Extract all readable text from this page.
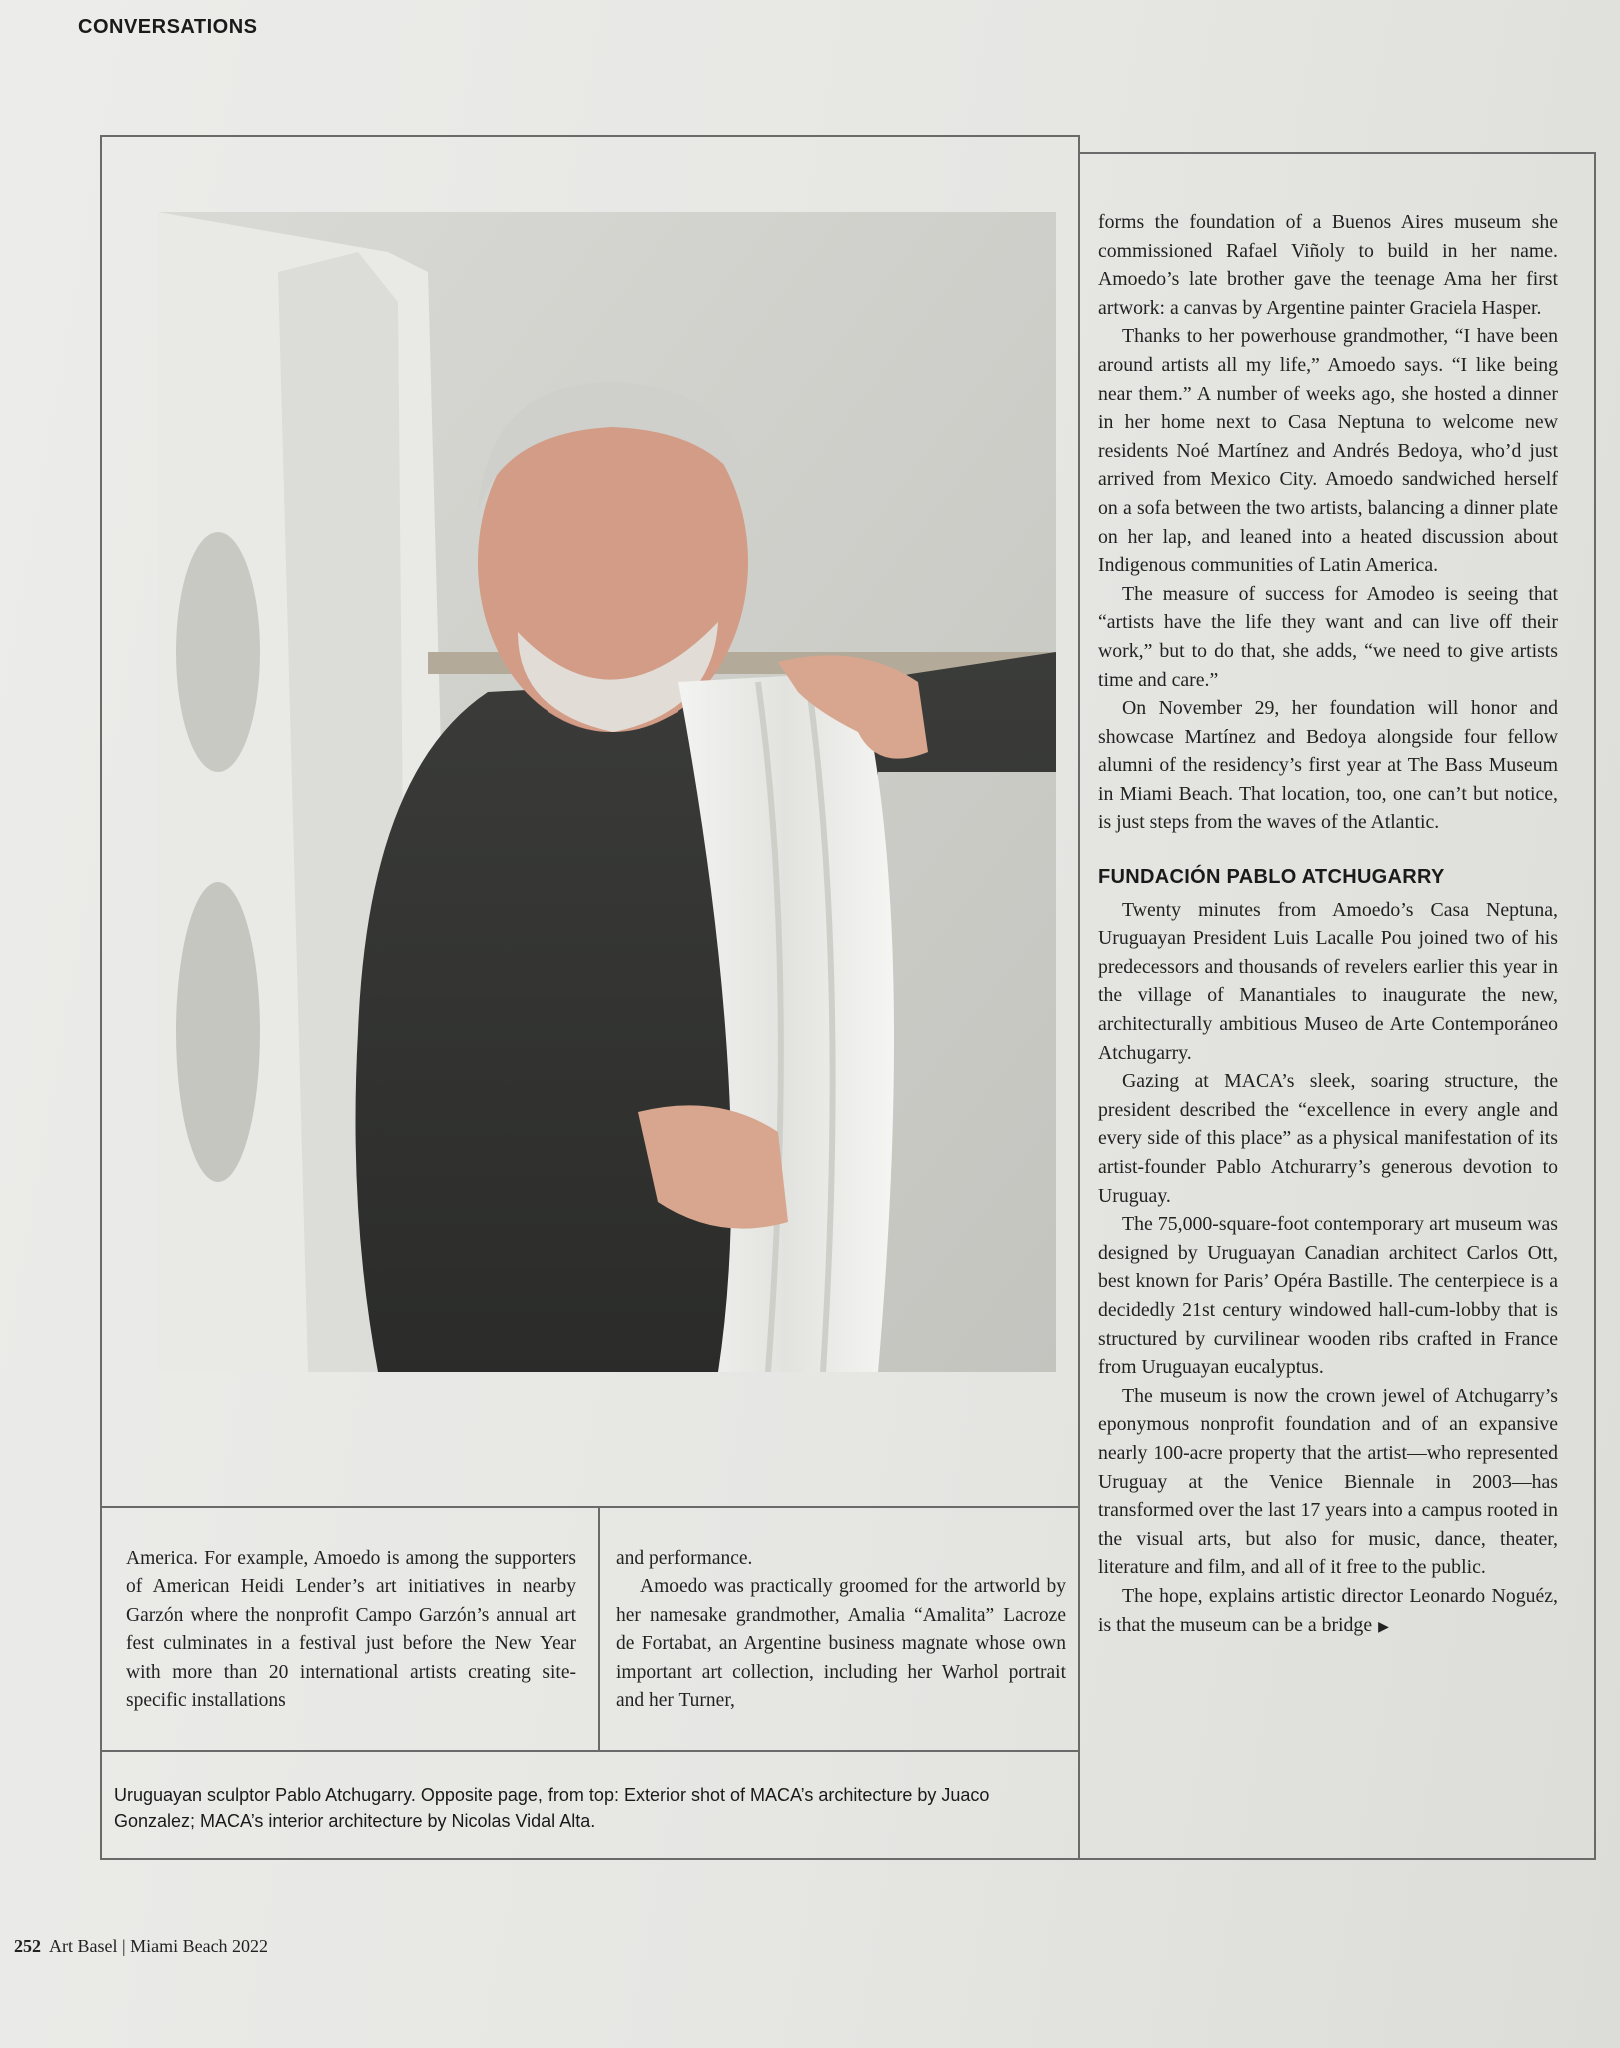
CONVERSATIONS

America. For example, Amoedo is among the supporters of American Heidi Lender’s art initiatives in nearby Garzón where the nonprofit Campo Garzón’s annual art fest culminates in a festival just before the New Year with more than 20 international artists creating site-specific installations

and performance.

Amoedo was practically groomed for the artworld by her namesake grandmother, Amalia “Amalita” Lacroze de Fortabat, an Argentine business magnate whose own important art collection, including her Warhol portrait and her Turner,

forms the foundation of a Buenos Aires museum she commissioned Rafael Viñoly to build in her name. Amoedo’s late brother gave the teenage Ama her first artwork: a canvas by Argentine painter Graciela Hasper.

Thanks to her powerhouse grandmother, “I have been around artists all my life,” Amoedo says. “I like being near them.” A number of weeks ago, she hosted a dinner in her home next to Casa Neptuna to welcome new residents Noé Martínez and Andrés Bedoya, who’d just arrived from Mexico City. Amoedo sandwiched herself on a sofa between the two artists, balancing a dinner plate on her lap, and leaned into a heated discussion about Indigenous communities of Latin America.

The measure of success for Amodeo is seeing that “artists have the life they want and can live off their work,” but to do that, she adds, “we need to give artists time and care.”

On November 29, her foundation will honor and showcase Martínez and Bedoya alongside four fellow alumni of the residency’s first year at The Bass Museum in Miami Beach. That location, too, one can’t but notice, is just steps from the waves of the Atlantic.

FUNDACIÓN PABLO ATCHUGARRY

Twenty minutes from Amoedo’s Casa Neptuna, Uruguayan President Luis Lacalle Pou joined two of his predecessors and thousands of revelers earlier this year in the village of Manantiales to inaugurate the new, architecturally ambitious Museo de Arte Contemporáneo Atchugarry.

Gazing at MACA’s sleek, soaring structure, the president described the “excellence in every angle and every side of this place” as a physical manifestation of its artist-founder Pablo Atchurarry’s generous devotion to Uruguay.

The 75,000-square-foot contemporary art museum was designed by Uruguayan Canadian architect Carlos Ott, best known for Paris’ Opéra Bastille. The centerpiece is a decidedly 21st century windowed hall-cum-lobby that is structured by curvilinear wooden ribs crafted in France from Uruguayan eucalyptus.

The museum is now the crown jewel of Atchugarry’s eponymous nonprofit foundation and of an expansive nearly 100-acre property that the artist—who represented Uruguay at the Venice Biennale in 2003—has transformed over the last 17 years into a campus rooted in the visual arts, but also for music, dance, theater, literature and film, and all of it free to the public.

The hope, explains artistic director Leonardo Noguéz, is that the museum can be a bridge ▶

Uruguayan sculptor Pablo Atchugarry. Opposite page, from top: Exterior shot of MACA’s architecture by Juaco Gonzalez; MACA’s interior architecture by Nicolas Vidal Alta.
252 Art Basel | Miami Beach 2022
